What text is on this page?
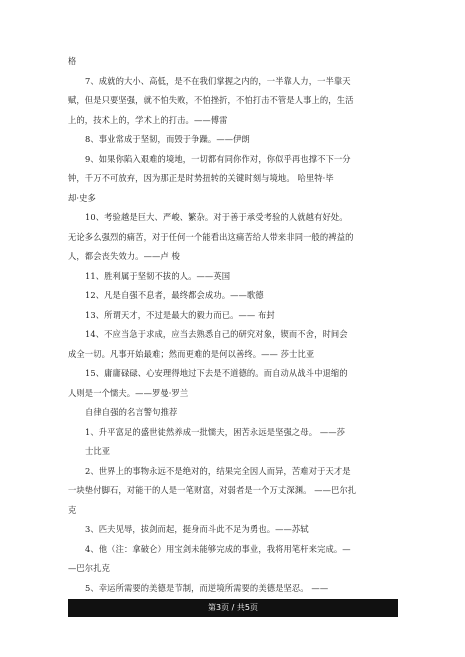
格

7、成就的大小、高低，是不在我们掌握之内的，一半靠人力，一半靠天

赋，但是只要坚强，就不怕失败，不怕挫折，不怕打击不管是人事上的，生活

上的，技术上的，学术上的打击。——傅雷

8、事业常成于坚韧，而毁于争躁。——伊朗

9、如果你陷入艰难的境地，一切都有同你作对，你似乎再也撑不下一分

钟，千万不可放弃，因为那正是时势扭转的关键时刻与境地。 哈里特·毕

却·史多

10、考验越是巨大、严峻、繁杂。对于善于承受考验的人就越有好处。

无论多么强烈的痛苦，对于任何一个能看出这痛苦给人带来非同一般的裨益的

人，都会丧失效力。——卢 梭

11、胜利属于坚韧不拔的人。——英国

12、凡是自强不息者，最终都会成功。——歌德

13、所谓天才，不过是最大的毅力而已。—— 布封

14、不应当急于求成，应当去熟悉自己的研究对象，锲而不舍，时间会

成全一切。凡事开始最难；然而更难的是何以善终。—— 莎士比亚

15、庸庸碌碌、心安理得地过下去是不道德的。而自动从战斗中退缩的

人则是一个懦夫。——罗曼·罗兰

自律自强的名言警句推荐

1、升平富足的盛世徒然养成一批懦夫，困苦永远是坚强之母。 ——莎

士比亚

2、世界上的事物永远不是绝对的，结果完全因人而异，苦难对于天才是

一块垫付脚石，对能干的人是一笔财富，对弱者是一个万丈深渊。 ——巴尔扎

克

3、匹夫见辱，拔剑而起，挺身而斗此不足为勇也。——苏轼

4、他（注：拿破仑）用宝剑未能够完成的事业，我将用笔杆来完成。—

—巴尔扎克

5、幸运所需要的美德是节制，而逆境所需要的美德是坚忍。 ——

第3页 / 共5页
